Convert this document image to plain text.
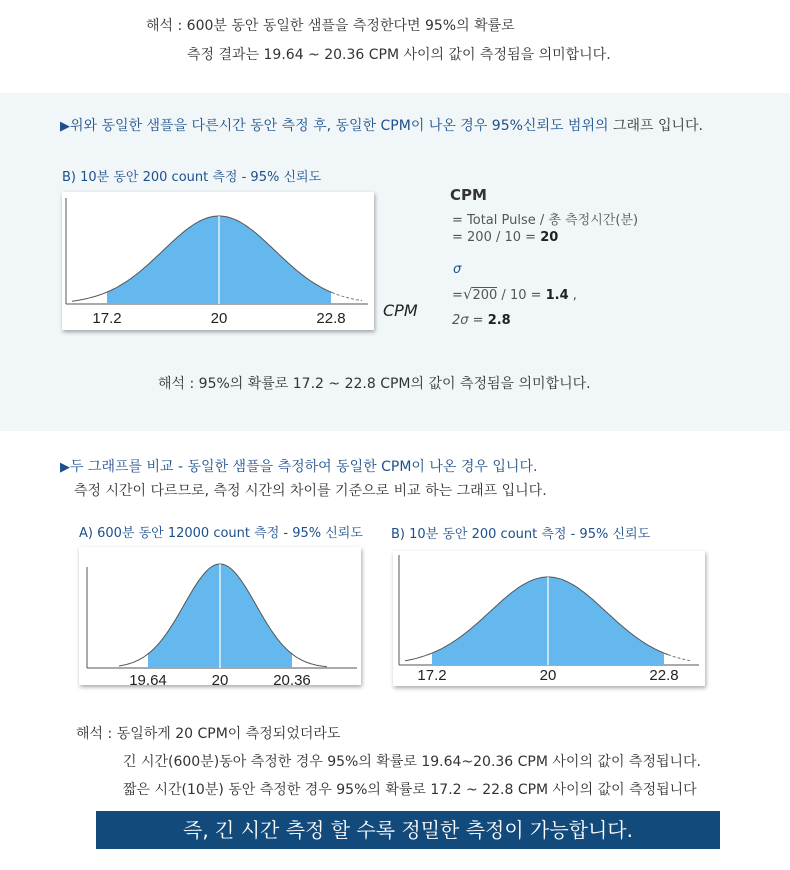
해석 : 600분 동안 동일한 샘플을 측정한다면 95%의 확률로
측정 결과는 19.64 ~ 20.36 CPM 사이의 값이 측정됨을 의미합니다.
▶위와 동일한 샘플을 다른시간 동안 측정 후, 동일한 CPM이 나온 경우 95%신뢰도 범위의 그래프 입니다.
B) 10분 동안 200 count 측정 - 95% 신뢰도
17.2	20	22.8 CPM
CPM
= Total Pulse / 총 측정시간(분)
= 200 / 10 = 20
σ
=√200 / 10 = 1.4 ,
2σ = 2.8
해석 : 95%의 확률로 17.2 ~ 22.8 CPM의 값이 측정됨을 의미합니다.
▶두 그래프를 비교 - 동일한 샘플을 측정하여 동일한 CPM이 나온 경우 입니다.
측정 시간이 다르므로, 측정 시간의 차이를 기준으로 비교 하는 그래프 입니다.
A) 600분 동안 12000 count 측정 - 95% 신뢰도 B) 10분 동안 200 count 측정 - 95% 신뢰도
19.64	20	20.36	17.2	20	22.8
해석 : 동일하게 20 CPM이 측정되었더라도
긴 시간(600분)동아 측정한 경우 95%의 확률로 19.64~20.36 CPM 사이의 값이 측정됩니다.
짧은 시간(10분) 동안 측정한 경우 95%의 확률로 17.2 ~ 22.8 CPM 사이의 값이 측정됩니다
즉, 긴 시간 측정 할 수록 정밀한 측정이 가능합니다.
